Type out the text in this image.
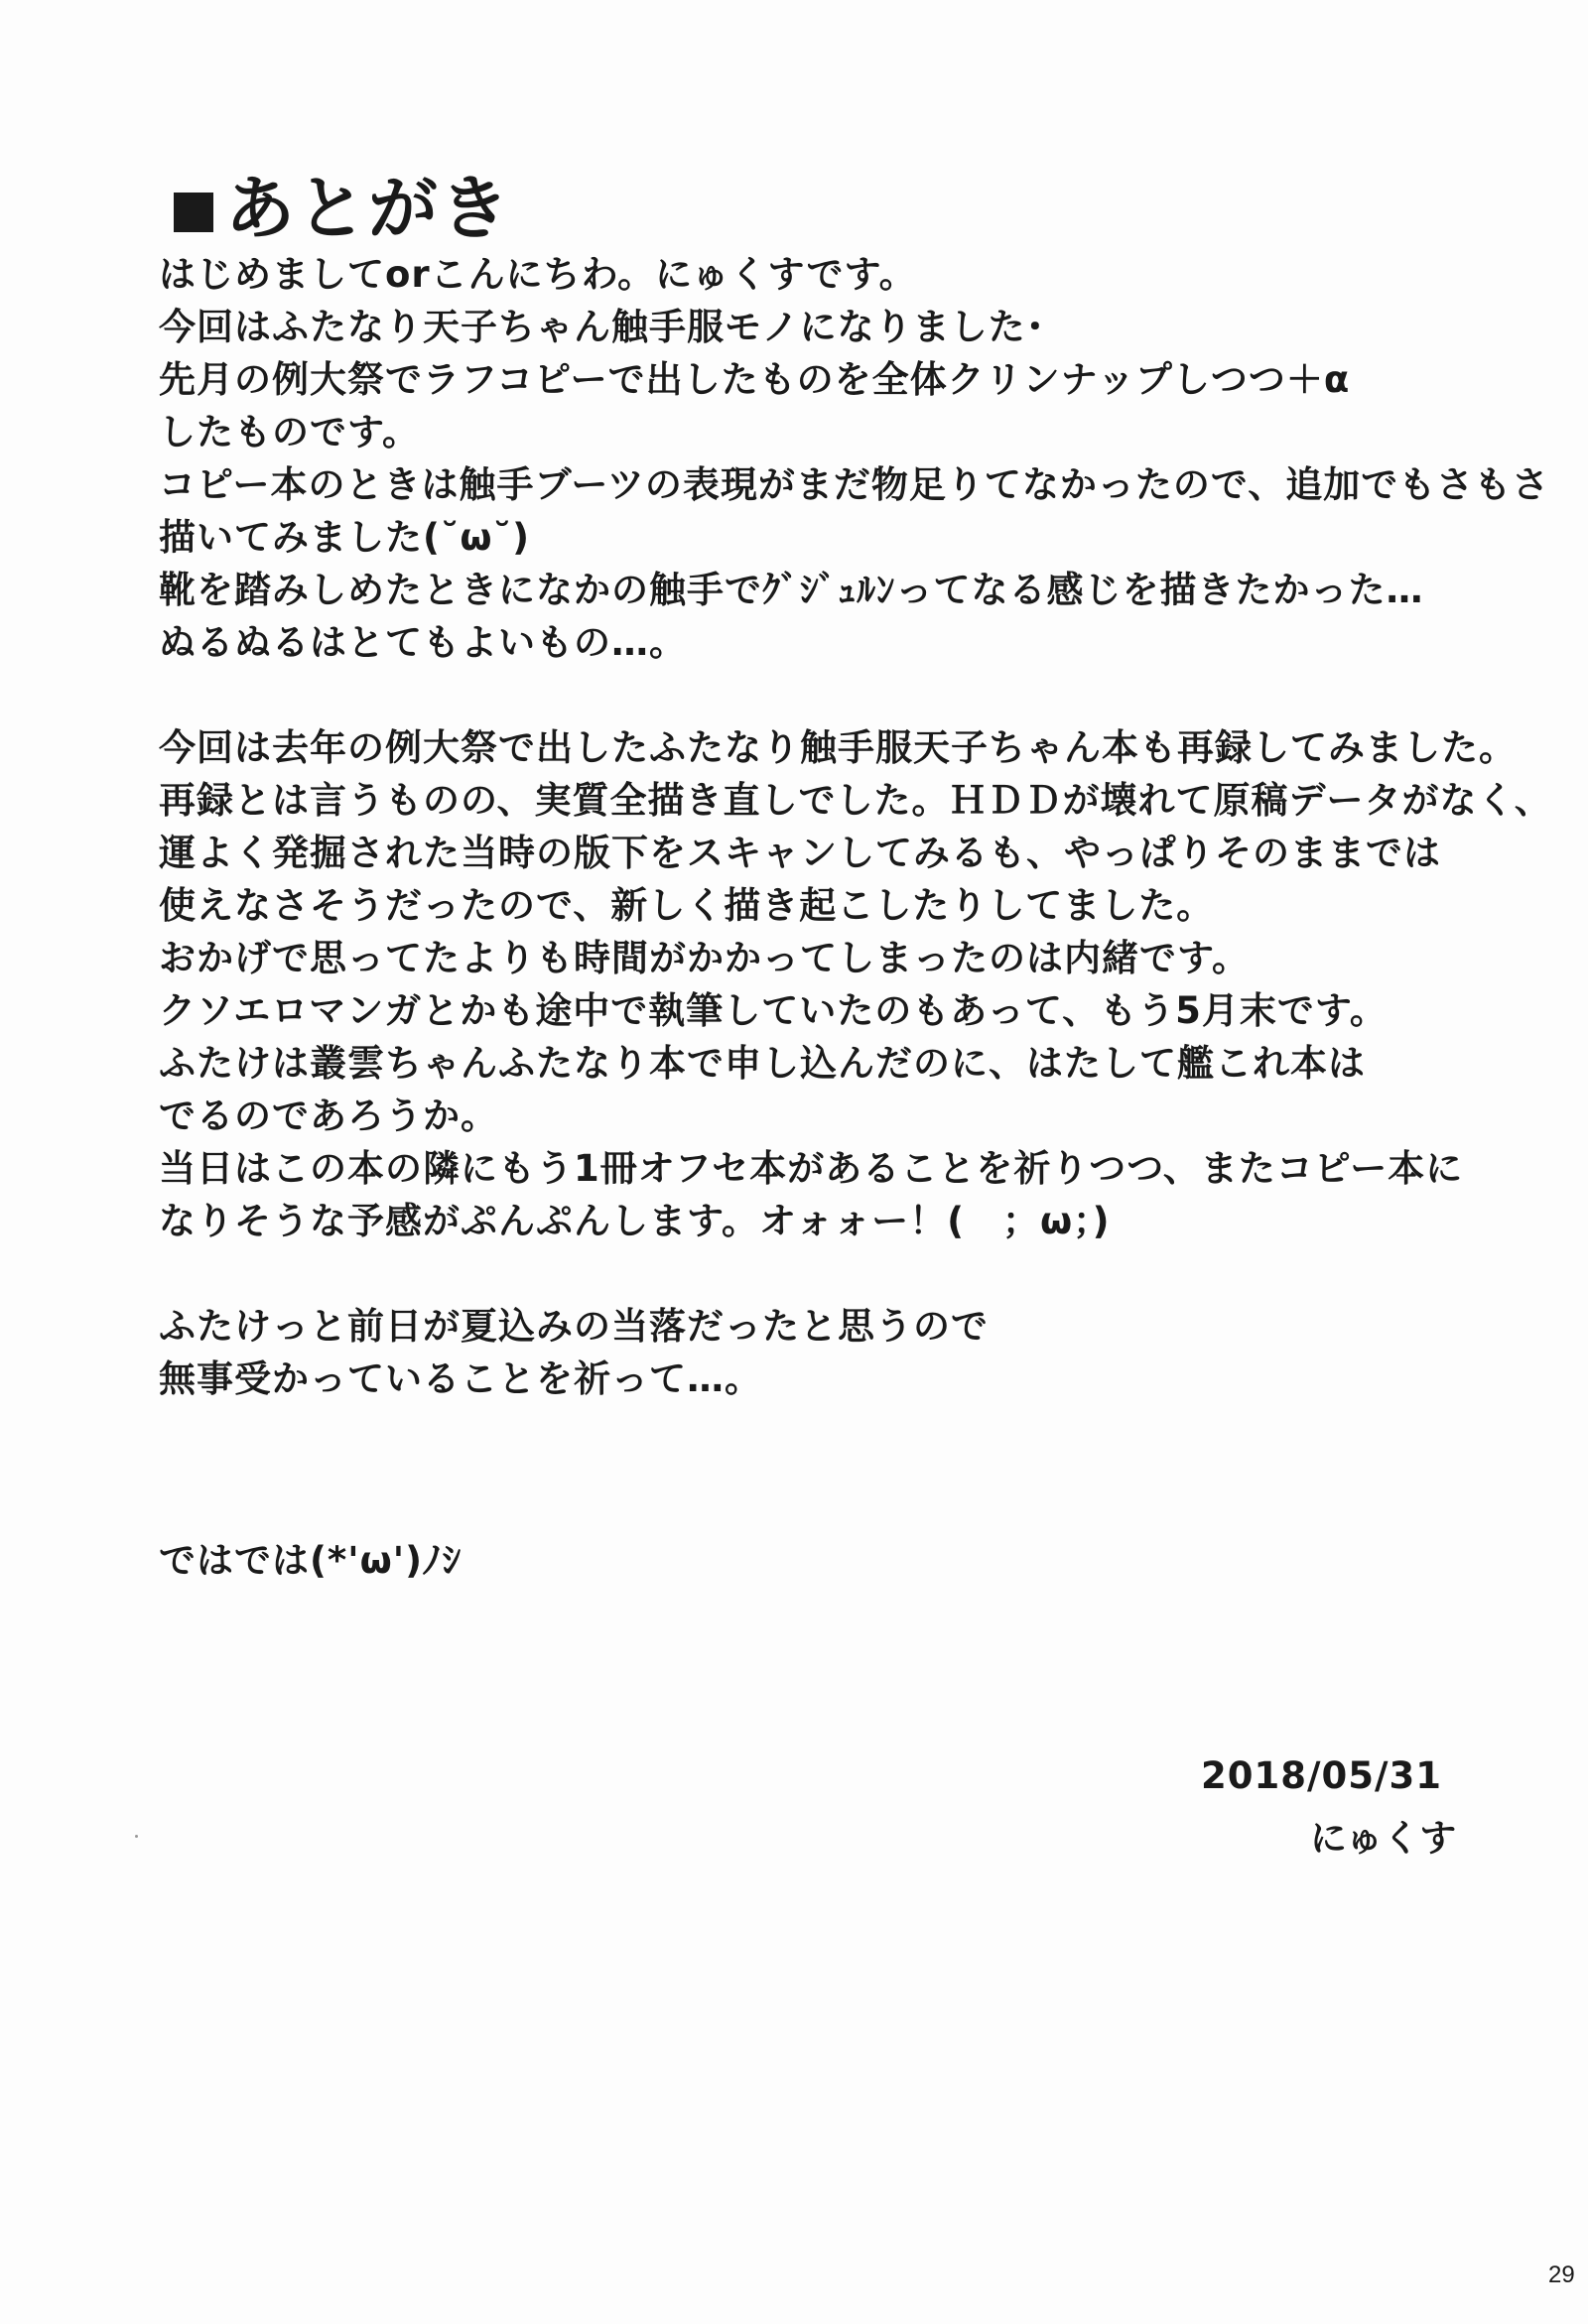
あとがき
はじめましてorこんにちわ。にゅくすです。
今回はふたなり天子ちゃん触手服モノになりました･
先月の例大祭でラフコピーで出したものを全体クリンナップしつつ＋α
したものです。
コピー本のときは触手ブーツの表現がまだ物足りてなかったので、追加でもさもさ
描いてみました(˘ω˘)
靴を踏みしめたときになかの触手でｸﾞｼﾞｭﾙﾝってなる感じを描きたかった…
ぬるぬるはとてもよいもの…。
今回は去年の例大祭で出したふたなり触手服天子ちゃん本も再録してみました。
再録とは言うものの、実質全描き直しでした。ＨＤＤが壊れて原稿データがなく、
運よく発掘された当時の版下をスキャンしてみるも、やっぱりそのままでは
使えなさそうだったので、新しく描き起こしたりしてました。
おかげで思ってたよりも時間がかかってしまったのは内緒です。
クソエロマンガとかも途中で執筆していたのもあって、もう5月末です。
ふたけは叢雲ちゃんふたなり本で申し込んだのに、はたして艦これ本は
でるのであろうか。
当日はこの本の隣にもう1冊オフセ本があることを祈りつつ、またコピー本に
なりそうな予感がぷんぷんします。オォォー！(　；ω；)
ふたけっと前日が夏込みの当落だったと思うので
無事受かっていることを祈って…。
ではでは(*'ω')ﾉｼ
2018/05/31
にゅくす
29
